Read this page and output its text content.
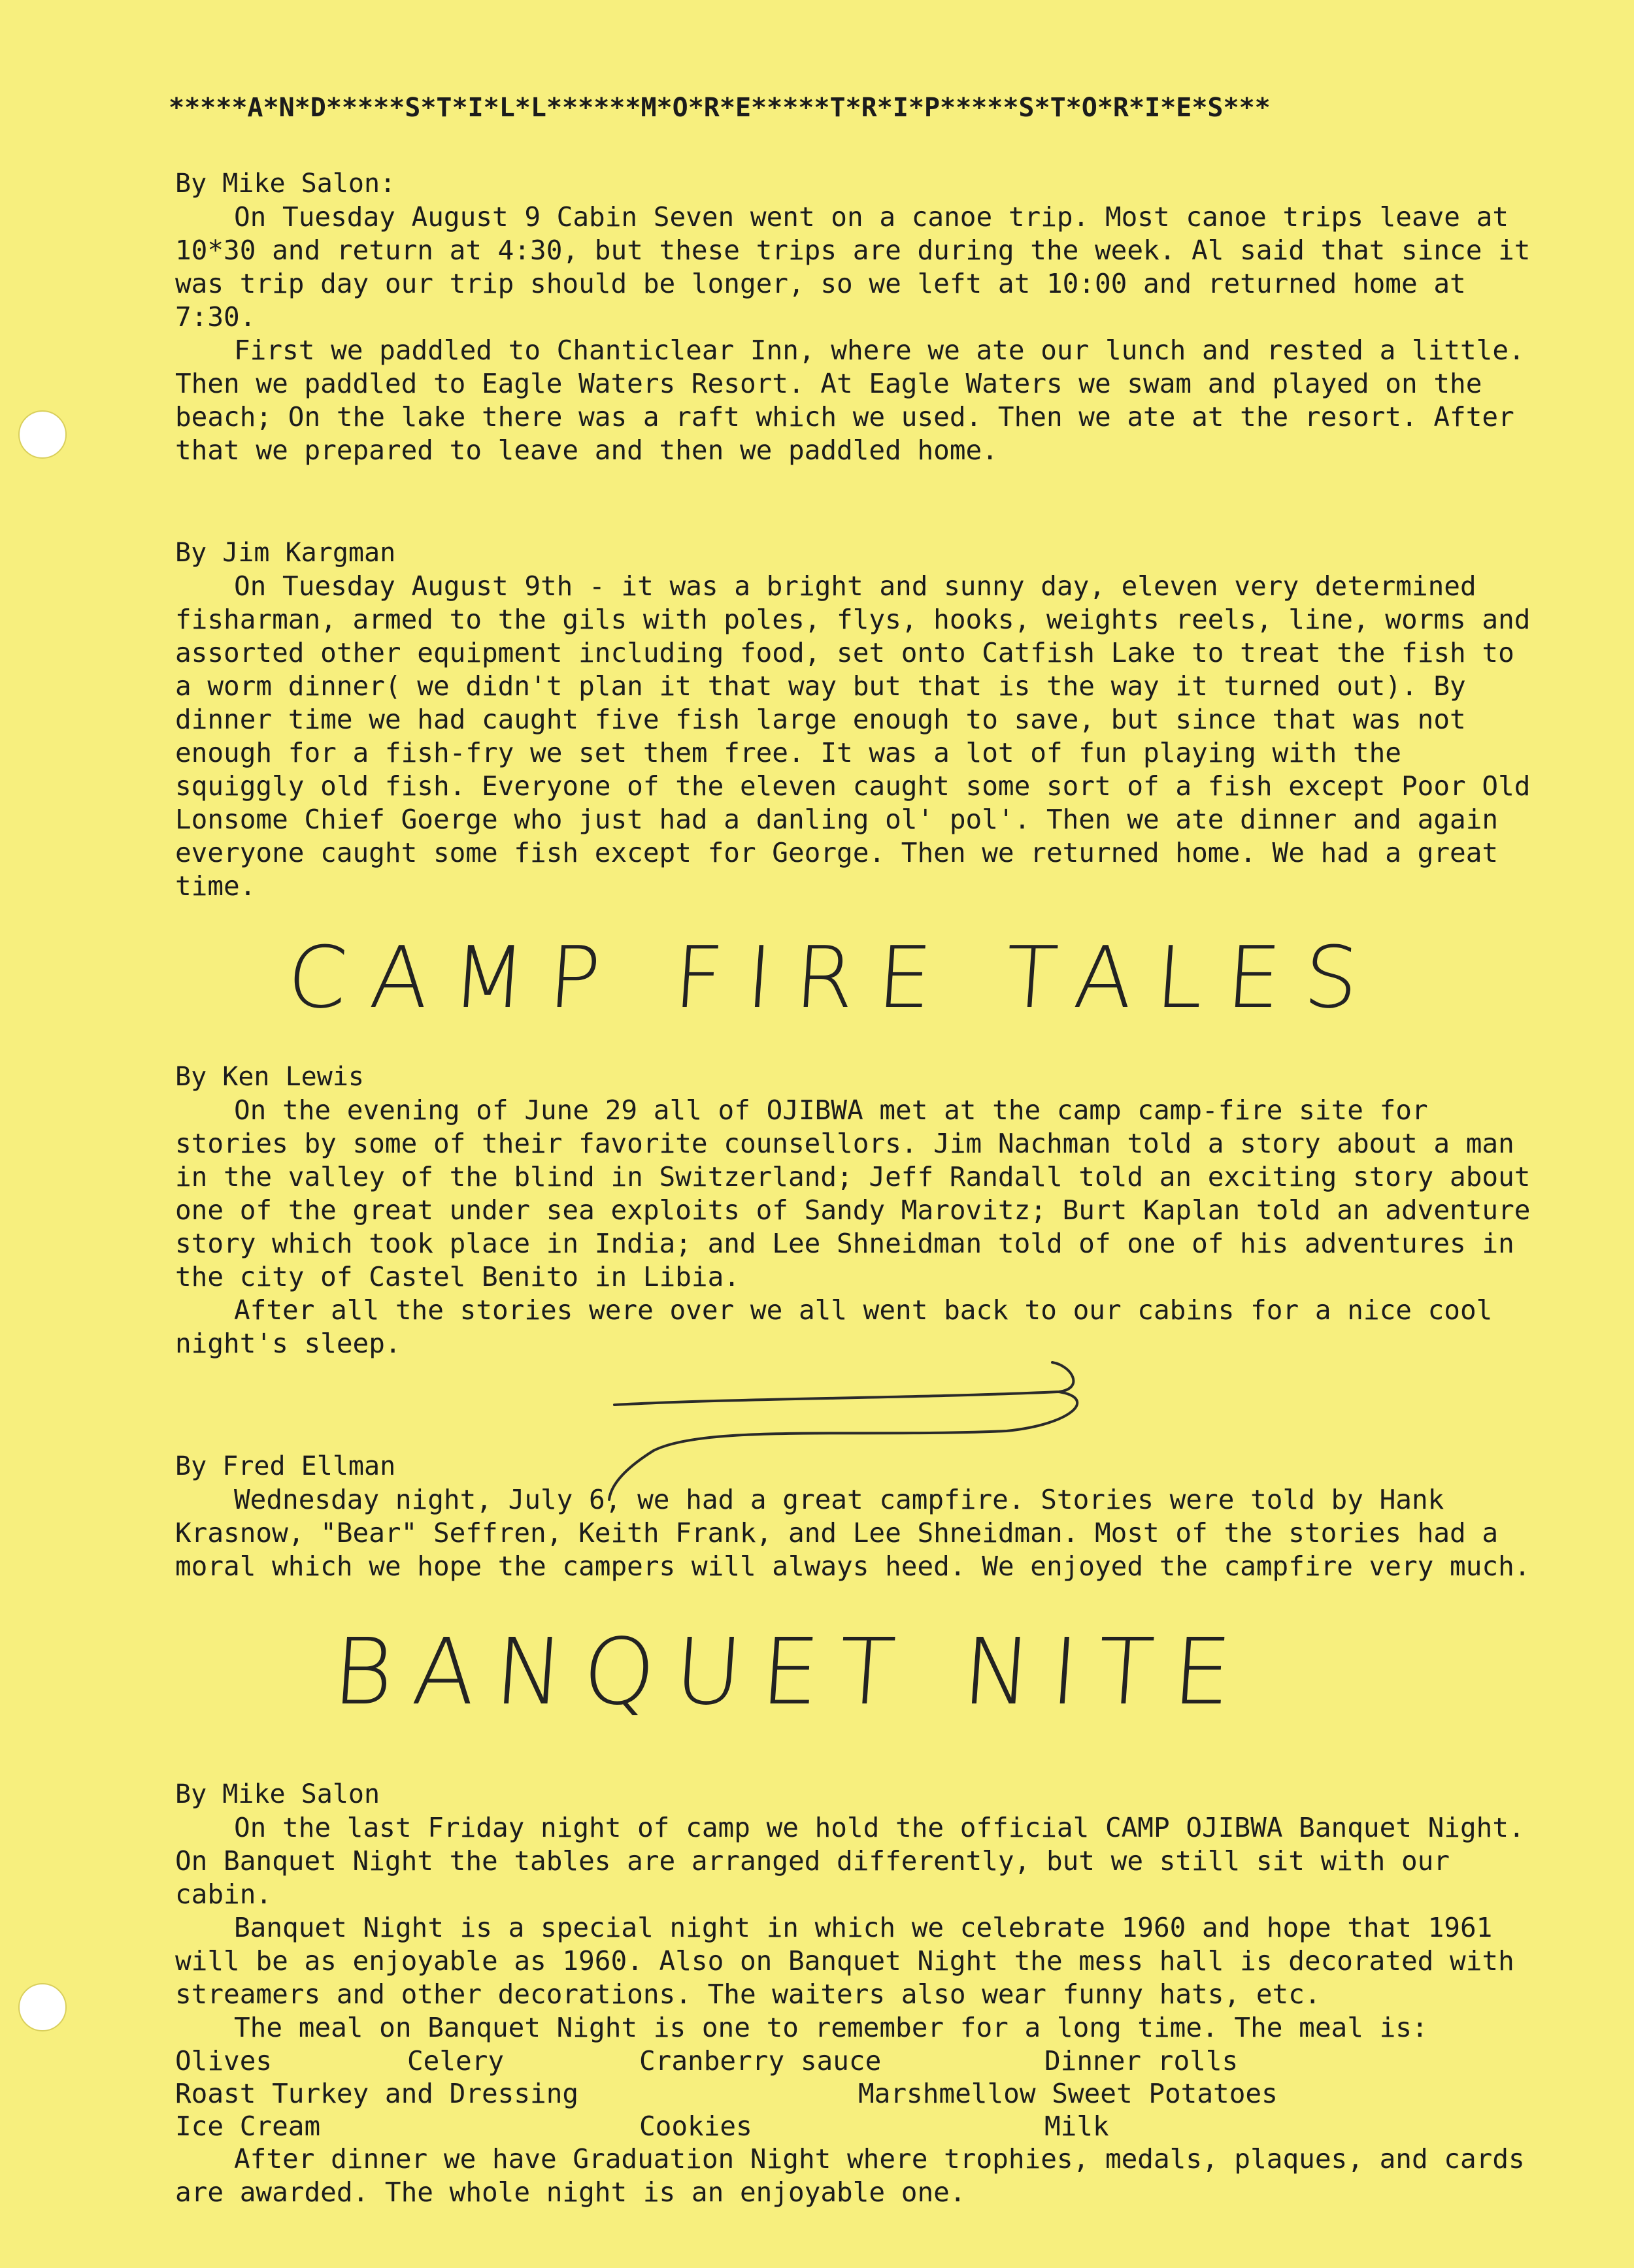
*****A*N*D*****S*T*I*L*L******M*O*R*E*****T*R*I*P*****S*T*O*R*I*E*S***

By Mike Salon:

On Tuesday August 9 Cabin Seven went on a canoe trip. Most canoe trips leave at 10*30 and return at 4:30, but these trips are during the week. Al said that since it was trip day our trip should be longer, so we left at 10:00 and returned home at 7:30.

First we paddled to Chanticlear Inn, where we ate our lunch and rested a little. Then we paddled to Eagle Waters Resort. At Eagle Waters we swam and played on the beach; On the lake there was a raft which we used. Then we ate at the resort. After that we prepared to leave and then we paddled home.

By Jim Kargman

On Tuesday August 9th - it was a bright and sunny day, eleven very determined fisharman, armed to the gils with poles, flys, hooks, weights reels, line, worms and assorted other equipment including food, set onto Catfish Lake to treat the fish to a worm dinner( we didn't plan it that way but that is the way it turned out). By dinner time we had caught five fish large enough to save, but since that was not enough for a fish-fry we set them free. It was a lot of fun playing with the squiggly old fish. Everyone of the eleven caught some sort of a fish except Poor Old Lonsome Chief Goerge who just had a danling ol' pol'. Then we ate dinner and again everyone caught some fish except for George. Then we returned home. We had a great time.

CAMP FIRE TALES

By Ken Lewis

On the evening of June 29 all of OJIBWA met at the camp camp-fire site for stories by some of their favorite counsellors. Jim Nachman told a story about a man in the valley of the blind in Switzerland; Jeff Randall told an exciting story about one of the great under sea exploits of Sandy Marovitz; Burt Kaplan told an adventure story which took place in India; and Lee Shneidman told of one of his adventures in the city of Castel Benito in Libia.

After all the stories were over we all went back to our cabins for a nice cool night's sleep.

By Fred Ellman

Wednesday night, July 6, we had a great campfire. Stories were told by Hank Krasnow, "Bear" Seffren, Keith Frank, and Lee Shneidman. Most of the stories had a moral which we hope the campers will always heed. We enjoyed the campfire very much.

BANQUET NITE

By Mike Salon

On the last Friday night of camp we hold the official CAMP OJIBWA Banquet Night. On Banquet Night the tables are arranged differently, but we still sit with our cabin.

Banquet Night is a special night in which we celebrate 1960 and hope that 1961 will be as enjoyable as 1960. Also on Banquet Night the mess hall is decorated with streamers and other decorations. The waiters also wear funny hats, etc.

The meal on Banquet Night is one to remember for a long time. The meal is:

Olives	Celery	Cranberry sauce	Dinner rolls
Roast Turkey and Dressing	Marshmellow Sweet Potatoes
Ice Cream	Cookies	Milk

After dinner we have Graduation Night where trophies, medals, plaques, and cards are awarded. The whole night is an enjoyable one.
